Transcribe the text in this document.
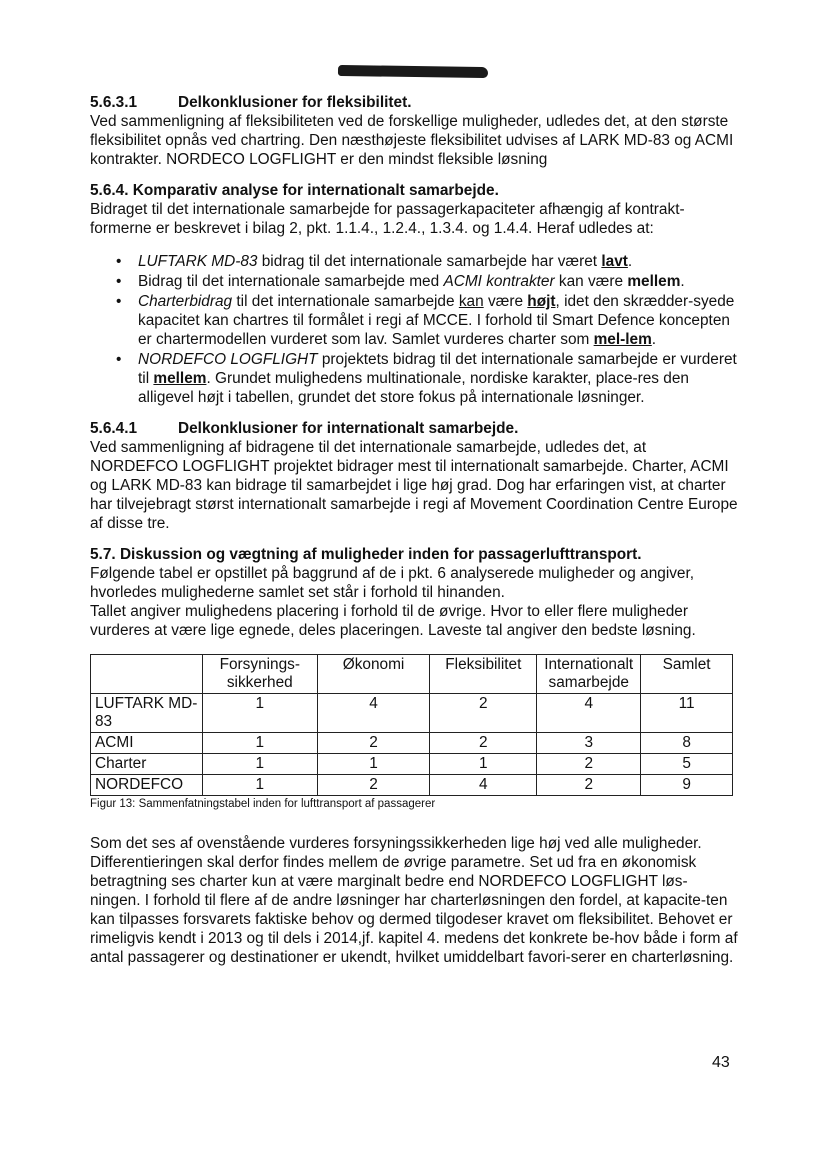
5.6.3.1	Delkonklusioner for fleksibilitet.

Ved sammenligning af fleksibiliteten ved de forskellige muligheder, udledes det, at den største fleksibilitet opnås ved chartring. Den næsthøjeste fleksibilitet udvises af LARK MD-83 og ACMI kontrakter. NORDECO LOGFLIGHT er den mindst fleksible løsning

5.6.4. Komparativ analyse for internationalt samarbejde.

Bidraget til det internationale samarbejde for passagerkapaciteter afhængig af kontrakt-formerne er beskrevet i bilag 2, pkt. 1.1.4., 1.2.4., 1.3.4. og 1.4.4. Heraf udledes at:

• LUFTARK MD-83 bidrag til det internationale samarbejde har været lavt.
• Bidrag til det internationale samarbejde med ACMI kontrakter kan være mellem.
• Charterbidrag til det internationale samarbejde kan være højt, idet den skrædder-syede kapacitet kan chartres til formålet i regi af MCCE. I forhold til Smart Defence koncepten er chartermodellen vurderet som lav. Samlet vurderes charter som mel-lem.
• NORDEFCO LOGFLIGHT projektets bidrag til det internationale samarbejde er vurderet til mellem. Grundet mulighedens multinationale, nordiske karakter, place-res den alligevel højt i tabellen, grundet det store fokus på internationale løsninger.
5.6.4.1	Delkonklusioner for internationalt samarbejde.

Ved sammenligning af bidragene til det internationale samarbejde, udledes det, at NORDEFCO LOGFLIGHT projektet bidrager mest til internationalt samarbejde. Charter, ACMI og LARK MD-83 kan bidrage til samarbejdet i lige høj grad. Dog har erfaringen vist, at charter har tilvejebragt størst internationalt samarbejde i regi af Movement Coordination Centre Europe af disse tre.

5.7. Diskussion og vægtning af muligheder inden for passagerlufttransport.

Følgende tabel er opstillet på baggrund af de i pkt. 6 analyserede muligheder og angiver, hvorledes mulighederne samlet set står i forhold til hinanden.

Tallet angiver mulighedens placering i forhold til de øvrige. Hvor to eller flere muligheder vurderes at være lige egnede, deles placeringen. Laveste tal angiver den bedste løsning.

	Forsynings-sikkerhed	Økonomi	Fleksibilitet	Internationalt samarbejde	Samlet
LUFTARK MD-83	1	4	2	4	11
ACMI	1	2	2	3	8
Charter	1	1	1	2	5
NORDEFCO	1	2	4	2	9

Figur 13: Sammenfatningstabel inden for lufttransport af passagerer

Som det ses af ovenstående vurderes forsyningssikkerheden lige høj ved alle muligheder. Differentieringen skal derfor findes mellem de øvrige parametre. Set ud fra en økonomisk betragtning ses charter kun at være marginalt bedre end NORDEFCO LOGFLIGHT løs-ningen. I forhold til flere af de andre løsninger har charterløsningen den fordel, at kapacite-ten kan tilpasses forsvarets faktiske behov og dermed tilgodeser kravet om fleksibilitet. Behovet er rimeligvis kendt i 2013 og til dels i 2014,jf. kapitel 4. medens det konkrete be-hov både i form af antal passagerer og destinationer er ukendt, hvilket umiddelbart favori-serer en charterløsning.

43
